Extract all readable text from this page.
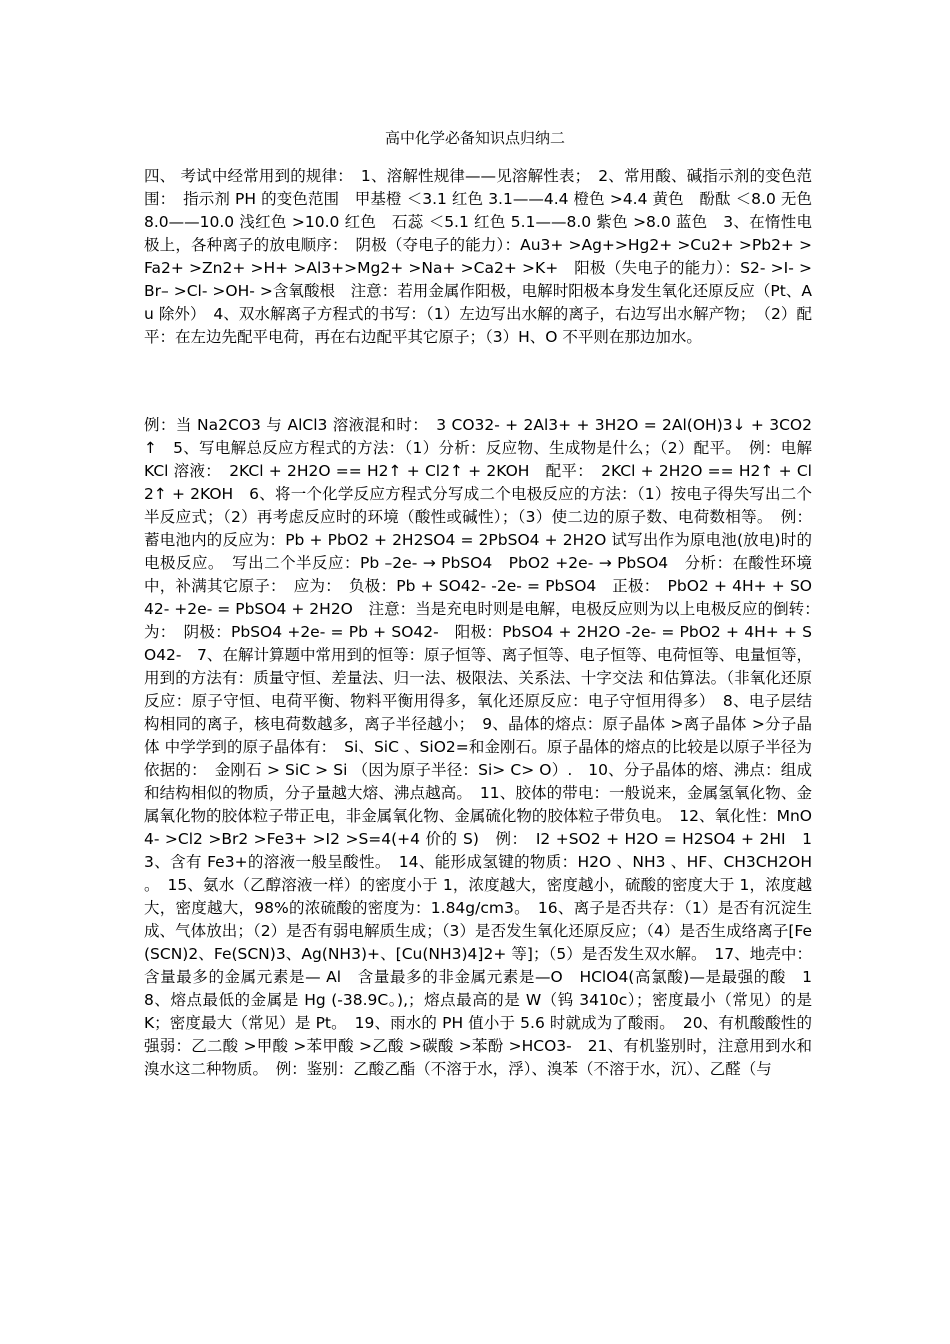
高中化学必备知识点归纳二

四、 考试中经常用到的规律：　1、溶解性规律——见溶解性表；　2、常用酸、碱指示剂的变色范围：　指示剂 PH 的变色范围　甲基橙 ＜3.1 红色 3.1——4.4 橙色 >4.4 黄色　酚酞 ＜8.0 无色 8.0——10.0 浅红色 >10.0 红色　石蕊 ＜5.1 红色 5.1——8.0 紫色 >8.0 蓝色　3、在惰性电极上，各种离子的放电顺序：　阴极（夺电子的能力）：Au3+ >Ag+>Hg2+ >Cu2+ >Pb2+ >Fa2+ >Zn2+ >H+ >Al3+>Mg2+ >Na+ >Ca2+ >K+　阳极（失电子的能力）：S2- >I- >Br– >Cl- >OH- >含氧酸根　注意：若用金属作阳极，电解时阳极本身发生氧化还原反应（Pt、Au 除外）　4、双水解离子方程式的书写：（1）左边写出水解的离子，右边写出水解产物；　（2）配平：在左边先配平电荷，再在右边配平其它原子；（3）H、O 不平则在那边加水。

例：当 Na2CO3 与 AlCl3 溶液混和时：　3 CO32- + 2Al3+ + 3H2O = 2Al(OH)3↓ + 3CO2↑　5、写电解总反应方程式的方法：（1）分析：反应物、生成物是什么；（2）配平。　例：电解 KCl 溶液：　2KCl + 2H2O == H2↑ + Cl2↑ + 2KOH　配平：　2KCl + 2H2O == H2↑ + Cl2↑ + 2KOH　6、将一个化学反应方程式分写成二个电极反应的方法：（1）按电子得失写出二个半反应式；（2）再考虑反应时的环境（酸性或碱性）；（3）使二边的原子数、电荷数相等。　例：蓄电池内的反应为：Pb + PbO2 + 2H2SO4 = 2PbSO4 + 2H2O 试写出作为原电池(放电)时的电极反应。　写出二个半反应：Pb –2e- → PbSO4　PbO2 +2e- → PbSO4　分析：在酸性环境中，补满其它原子：　应为：　负极：Pb + SO42- -2e- = PbSO4　正极：　PbO2 + 4H+ + SO42- +2e- = PbSO4 + 2H2O　注意：当是充电时则是电解，电极反应则为以上电极反应的倒转：　为：　阴极：PbSO4 +2e- = Pb + SO42-　阳极：PbSO4 + 2H2O -2e- = PbO2 + 4H+ + SO42-　7、在解计算题中常用到的恒等：原子恒等、离子恒等、电子恒等、电荷恒等、电量恒等，用到的方法有：质量守恒、差量法、归一法、极限法、关系法、十字交法 和估算法。（非氧化还原反应：原子守恒、电荷平衡、物料平衡用得多，氧化还原反应：电子守恒用得多）　8、电子层结构相同的离子，核电荷数越多，离子半径越小；　9、晶体的熔点：原子晶体 >离子晶体 >分子晶体 中学学到的原子晶体有：　Si、SiC 、SiO2=和金刚石。原子晶体的熔点的比较是以原子半径为依据的：　金刚石 > SiC > Si （因为原子半径：Si> C> O）.　10、分子晶体的熔、沸点：组成和结构相似的物质，分子量越大熔、沸点越高。　11、胶体的带电：一般说来，金属氢氧化物、金属氧化物的胶体粒子带正电，非金属氧化物、金属硫化物的胶体粒子带负电。　12、氧化性：MnO4- >Cl2 >Br2 >Fe3+ >I2 >S=4(+4 价的 S)　例：　I2 +SO2 + H2O = H2SO4 + 2HI　13、含有 Fe3+的溶液一般呈酸性。　14、能形成氢键的物质：H2O 、NH3 、HF、CH3CH2OH 。　15、氨水（乙醇溶液一样）的密度小于 1，浓度越大，密度越小，硫酸的密度大于 1，浓度越大，密度越大，98%的浓硫酸的密度为：1.84g/cm3。　16、离子是否共存：（1）是否有沉淀生成、气体放出；（2）是否有弱电解质生成；（3）是否发生氧化还原反应；（4）是否生成络离子[Fe(SCN)2、Fe(SCN)3、Ag(NH3)+、[Cu(NH3)4]2+ 等]；（5）是否发生双水解。　17、地壳中：含量最多的金属元素是— Al　含量最多的非金属元素是—O　HClO4(高氯酸)—是最强的酸　18、熔点最低的金属是 Hg (-38.9C。),；熔点最高的是 W（钨 3410c）；密度最小（常见）的是 K；密度最大（常见）是 Pt。　19、雨水的 PH 值小于 5.6 时就成为了酸雨。　20、有机酸酸性的强弱：乙二酸 >甲酸 >苯甲酸 >乙酸 >碳酸 >苯酚 >HCO3-　21、有机鉴别时，注意用到水和溴水这二种物质。　例：鉴别：乙酸乙酯（不溶于水，浮）、溴苯（不溶于水，沉）、乙醛（与
